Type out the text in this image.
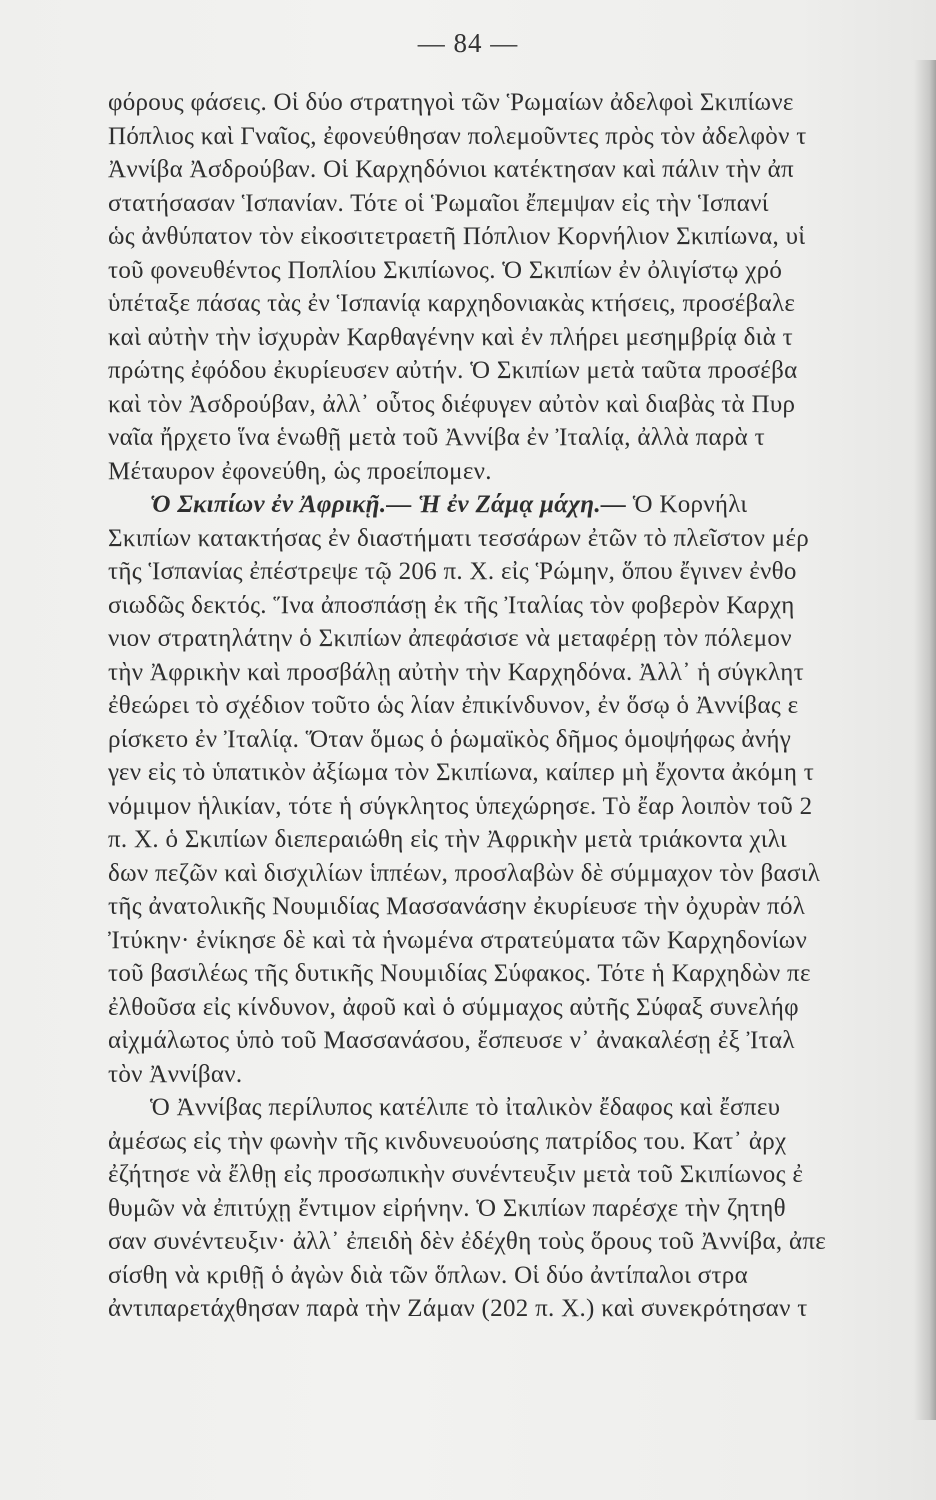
— 84 —
φόρους φάσεις. Οἱ δύο στρατηγοὶ τῶν Ῥωμαίων ἀδελφοὶ Σκιπίωνε
Πόπλιος καὶ Γναῖος, ἐφονεύθησαν πολεμοῦντες πρὸς τὸν ἀδελφὸν τ
Ἀννίβα Ἀσδρούβαν. Οἱ Καρχηδόνιοι κατέκτησαν καὶ πάλιν τὴν ἀπ
στατήσασαν Ἱσπανίαν. Τότε οἱ Ῥωμαῖοι ἔπεμψαν εἰς τὴν Ἱσπανί
ὡς ἀνθύπατον τὸν εἰκοσιτετραετῆ Πόπλιον Κορνήλιον Σκιπίωνα, υἱ
τοῦ φονευθέντος Ποπλίου Σκιπίωνος. Ὁ Σκιπίων ἐν ὀλιγίστῳ χρό
ὑπέταξε πάσας τὰς ἐν Ἱσπανίᾳ καρχηδονιακὰς κτήσεις, προσέβαλε
καὶ αὐτὴν τὴν ἰσχυρὰν Καρθαγένην καὶ ἐν πλήρει μεσημβρίᾳ διὰ τ
πρώτης ἐφόδου ἐκυρίευσεν αὐτήν. Ὁ Σκιπίων μετὰ ταῦτα προσέβα
καὶ τὸν Ἀσδρούβαν, ἀλλ᾽ οὗτος διέφυγεν αὐτὸν καὶ διαβὰς τὰ Πυρ
ναῖα ἤρχετο ἵνα ἑνωθῇ μετὰ τοῦ Ἀννίβα ἐν Ἰταλίᾳ, ἀλλὰ παρὰ τ
Μέταυρον ἐφονεύθη, ὡς προείπομεν.
Ὁ Σκιπίων ἐν Ἀφρικῇ.— Ἡ ἐν Ζάμᾳ μάχη.— Ὁ Κορνήλι
Σκιπίων κατακτήσας ἐν διαστήματι τεσσάρων ἐτῶν τὸ πλεῖστον μέρ
τῆς Ἱσπανίας ἐπέστρεψε τῷ 206 π. Χ. εἰς Ῥώμην, ὅπου ἔγινεν ἐνθο
σιωδῶς δεκτός. Ἵνα ἀποσπάσῃ ἐκ τῆς Ἰταλίας τὸν φοβερὸν Καρχη
νιον στρατηλάτην ὁ Σκιπίων ἀπεφάσισε νὰ μεταφέρῃ τὸν πόλεμον
τὴν Ἀφρικὴν καὶ προσβάλῃ αὐτὴν τὴν Καρχηδόνα. Ἀλλ᾽ ἡ σύγκλητ
ἐθεώρει τὸ σχέδιον τοῦτο ὡς λίαν ἐπικίνδυνον, ἐν ὅσῳ ὁ Ἀννίβας ε
ρίσκετο ἐν Ἰταλίᾳ. Ὅταν ὅμως ὁ ῥωμαϊκὸς δῆμος ὁμοψήφως ἀνήγ
γεν εἰς τὸ ὑπατικὸν ἀξίωμα τὸν Σκιπίωνα, καίπερ μὴ ἔχοντα ἀκόμη τ
νόμιμον ἡλικίαν, τότε ἡ σύγκλητος ὑπεχώρησε. Τὸ ἔαρ λοιπὸν τοῦ 2
π. Χ. ὁ Σκιπίων διεπεραιώθη εἰς τὴν Ἀφρικὴν μετὰ τριάκοντα χιλι
δων πεζῶν καὶ δισχιλίων ἱππέων, προσλαβὼν δὲ σύμμαχον τὸν βασιλ
τῆς ἀνατολικῆς Νουμιδίας Μασσανάσην ἐκυρίευσε τὴν ὀχυρὰν πόλ
Ἰτύκην· ἐνίκησε δὲ καὶ τὰ ἡνωμένα στρατεύματα τῶν Καρχηδονίων
τοῦ βασιλέως τῆς δυτικῆς Νουμιδίας Σύφακος. Τότε ἡ Καρχηδὼν πε
ἐλθοῦσα εἰς κίνδυνον, ἀφοῦ καὶ ὁ σύμμαχος αὐτῆς Σύφαξ συνελήφ
αἰχμάλωτος ὑπὸ τοῦ Μασσανάσου, ἔσπευσε ν᾽ ἀνακαλέσῃ ἐξ Ἰταλ
τὸν Ἀννίβαν.
Ὁ Ἀννίβας περίλυπος κατέλιπε τὸ ἰταλικὸν ἔδαφος καὶ ἔσπευ
ἀμέσως εἰς τὴν φωνὴν τῆς κινδυνευούσης πατρίδος του. Κατ᾽ ἀρχ
ἐζήτησε νὰ ἔλθῃ εἰς προσωπικὴν συνέντευξιν μετὰ τοῦ Σκιπίωνος ἐ
θυμῶν νὰ ἐπιτύχῃ ἔντιμον εἰρήνην. Ὁ Σκιπίων παρέσχε τὴν ζητηθ
σαν συνέντευξιν· ἀλλ᾽ ἐπειδὴ δὲν ἐδέχθη τοὺς ὅρους τοῦ Ἀννίβα, ἀπε
σίσθη νὰ κριθῇ ὁ ἀγὼν διὰ τῶν ὅπλων. Οἱ δύο ἀντίπαλοι στρα
ἀντιπαρετάχθησαν παρὰ τὴν Ζάμαν (202 π. Χ.) καὶ συνεκρότησαν τ
